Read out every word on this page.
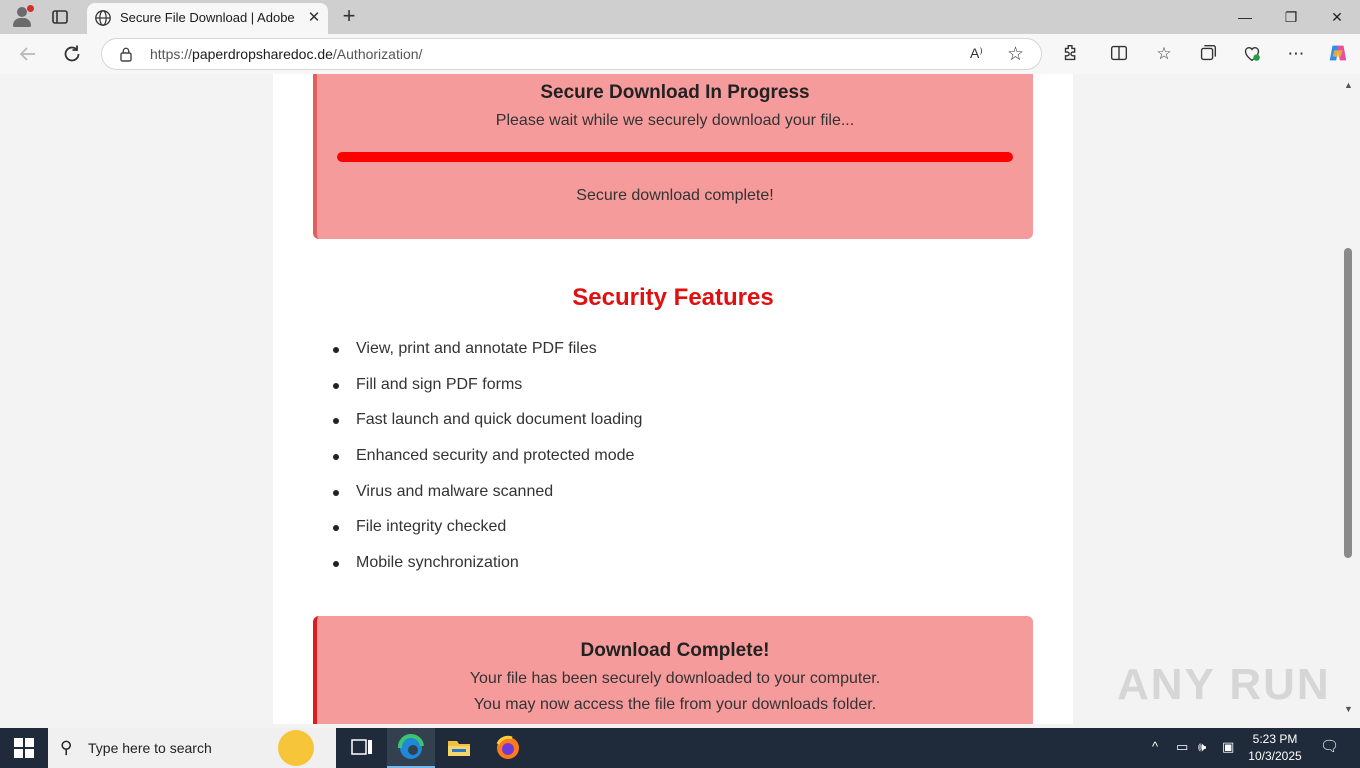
Secure File Download | Adobe ✕ +	—	❐	✕
https://paperdropsharedoc.de/Authorization/	A⁾ ☆	☆	⋯
Secure Download In Progress

Please wait while we securely download your file...

Secure download complete!

Security Features
View, print and annotate PDF files
Fill and sign PDF forms
Fast launch and quick document loading
Enhanced security and protected mode
Virus and malware scanned
File integrity checked
Mobile synchronization
Download Complete!

Your file has been securely downloaded to your computer.

You may now access the file from your downloads folder.

▲
▼
ANY RUN
⚲ Type here to search	^ ▭ 🕪 ▣	5:23 PM
10/3/2025
🗨
